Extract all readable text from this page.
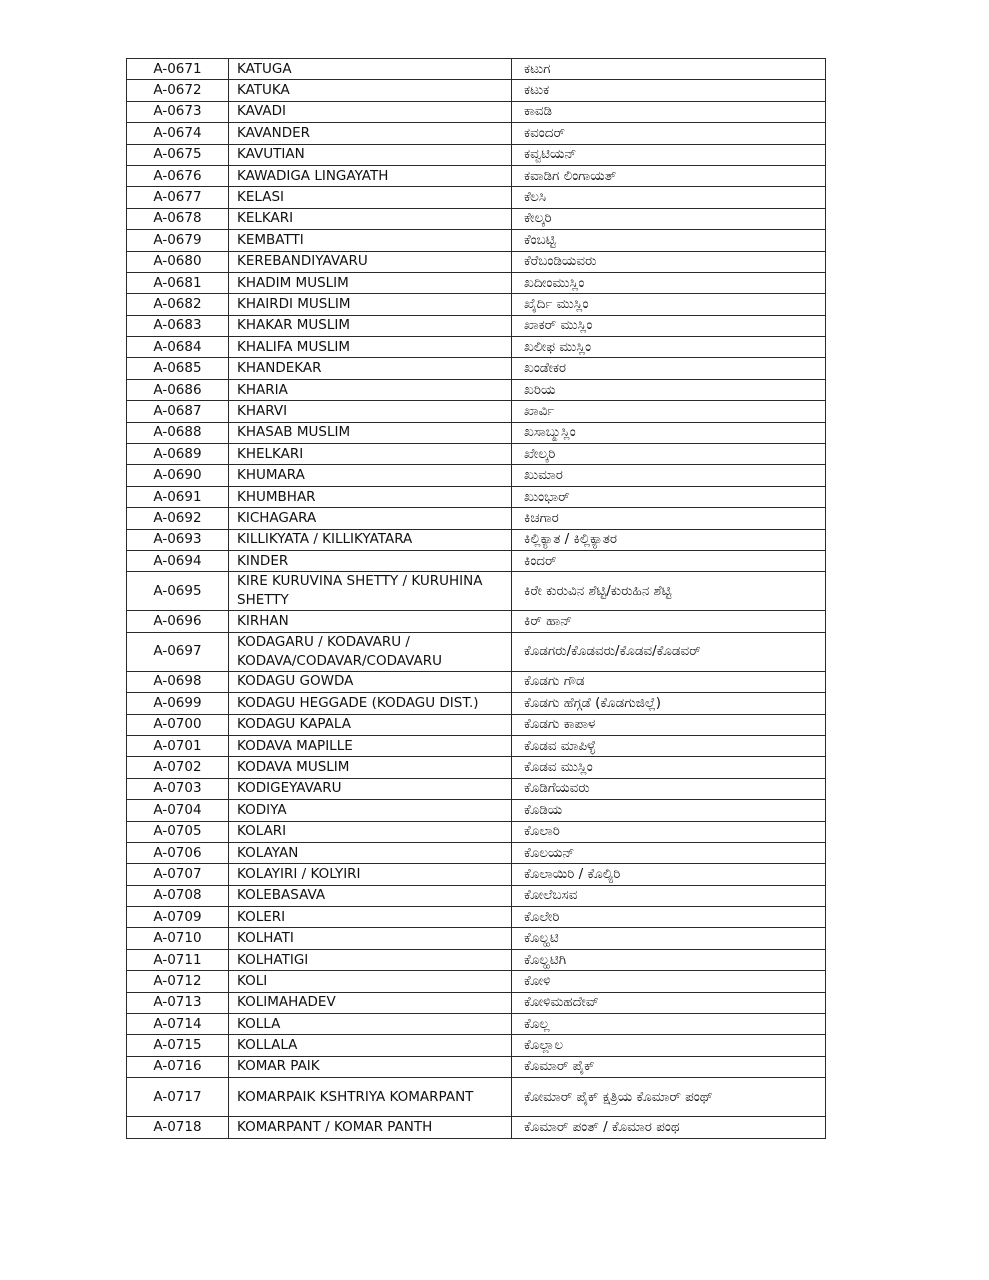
A-0671	KATUGA	ಕಟುಗ
A-0672	KATUKA	ಕಟುಕ
A-0673	KAVADI	ಕಾವಡಿ
A-0674	KAVANDER	ಕವಂದರ್
A-0675	KAVUTIAN	ಕವ್ವಟಿಯನ್
A-0676	KAWADIGA LINGAYATH	ಕವಾಡಿಗ ಲಿಂಗಾಯತ್
A-0677	KELASI	ಕೆಲಸಿ
A-0678	KELKARI	ಕೇಲ್ಕರಿ
A-0679	KEMBATTI	ಕೆಂಬಟ್ಟಿ
A-0680	KEREBANDIYAVARU	ಕೆರೆಬಂಡಿಯವರು
A-0681	KHADIM MUSLIM	ಖದೀಂಮುಸ್ಲಿಂ
A-0682	KHAIRDI MUSLIM	ಖೈರ್ದಿ ಮುಸ್ಲಿಂ
A-0683	KHAKAR MUSLIM	ಖಾಕರ್ ಮುಸ್ಲಿಂ
A-0684	KHALIFA MUSLIM	ಖಲೀಫ ಮುಸ್ಲಿಂ
A-0685	KHANDEKAR	ಖಂಡೇಕರ
A-0686	KHARIA	ಖರಿಯ
A-0687	KHARVI	ಖಾರ್ವಿ
A-0688	KHASAB MUSLIM	ಖಸಾಬ್ಮುಸ್ಲಿಂ
A-0689	KHELKARI	ಖೇಲ್ಕರಿ
A-0690	KHUMARA	ಖುಮಾರ
A-0691	KHUMBHAR	ಖುಂಭಾರ್
A-0692	KICHAGARA	ಕಿಚಗಾರ
A-0693	KILLIKYATA / KILLIKYATARA	ಕಿಲ್ಲಿಕ್ಯಾತ / ಕಿಲ್ಲಿಕ್ಯಾತರ
A-0694	KINDER	ಕಿಂದರ್
A-0695	KIRE KURUVINA SHETTY / KURUHINA SHETTY	ಕಿರೇ ಕುರುವಿನ ಶೆಟ್ಟಿ/ಕುರುಹಿನ ಶೆಟ್ಟಿ
A-0696	KIRHAN	ಕಿರ್ ಹಾನ್
A-0697	KODAGARU / KODAVARU / KODAVA/CODAVAR/CODAVARU	ಕೊಡಗರು/ಕೊಡವರು/ಕೊಡವ/ಕೊಡವರ್
A-0698	KODAGU GOWDA	ಕೊಡಗು ಗೌಡ
A-0699	KODAGU HEGGADE (KODAGU DIST.)	ಕೊಡಗು ಹೆಗ್ಗಡೆ (ಕೊಡಗುಜಿಲ್ಲೆ)
A-0700	KODAGU KAPALA	ಕೊಡಗು ಕಾಪಾಳ
A-0701	KODAVA MAPILLE	ಕೊಡವ ಮಾಪಿಳ್ಳೆ
A-0702	KODAVA MUSLIM	ಕೊಡವ ಮುಸ್ಲಿಂ
A-0703	KODIGEYAVARU	ಕೊಡಿಗೆಯವರು
A-0704	KODIYA	ಕೊಡಿಯ
A-0705	KOLARI	ಕೊಲಾರಿ
A-0706	KOLAYAN	ಕೊಲಯನ್
A-0707	KOLAYIRI / KOLYIRI	ಕೊಲಾಯಿರಿ / ಕೊಲ್ಯಿರಿ
A-0708	KOLEBASAVA	ಕೋಲೆಬಸವ
A-0709	KOLERI	ಕೊಲೇರಿ
A-0710	KOLHATI	ಕೊಲ್ಹಟಿ
A-0711	KOLHATIGI	ಕೊಲ್ಹಟಿಗಿ
A-0712	KOLI	ಕೋಳಿ
A-0713	KOLIMAHADEV	ಕೋಳಿಮಹದೇವ್
A-0714	KOLLA	ಕೊಲ್ಲ
A-0715	KOLLALA	ಕೊಲ್ಲಾಲ
A-0716	KOMAR PAIK	ಕೊಮಾರ್ ಪೈಕ್
A-0717	KOMARPAIK KSHTRIYA KOMARPANT	ಕೋಮಾರ್ ಪೈಕ್ ಕ್ಷತ್ರಿಯ ಕೊಮಾರ್ ಪಂಥ್
A-0718	KOMARPANT / KOMAR PANTH	ಕೊಮಾರ್ ಪಂತ್ / ಕೊಮಾರ ಪಂಥ
